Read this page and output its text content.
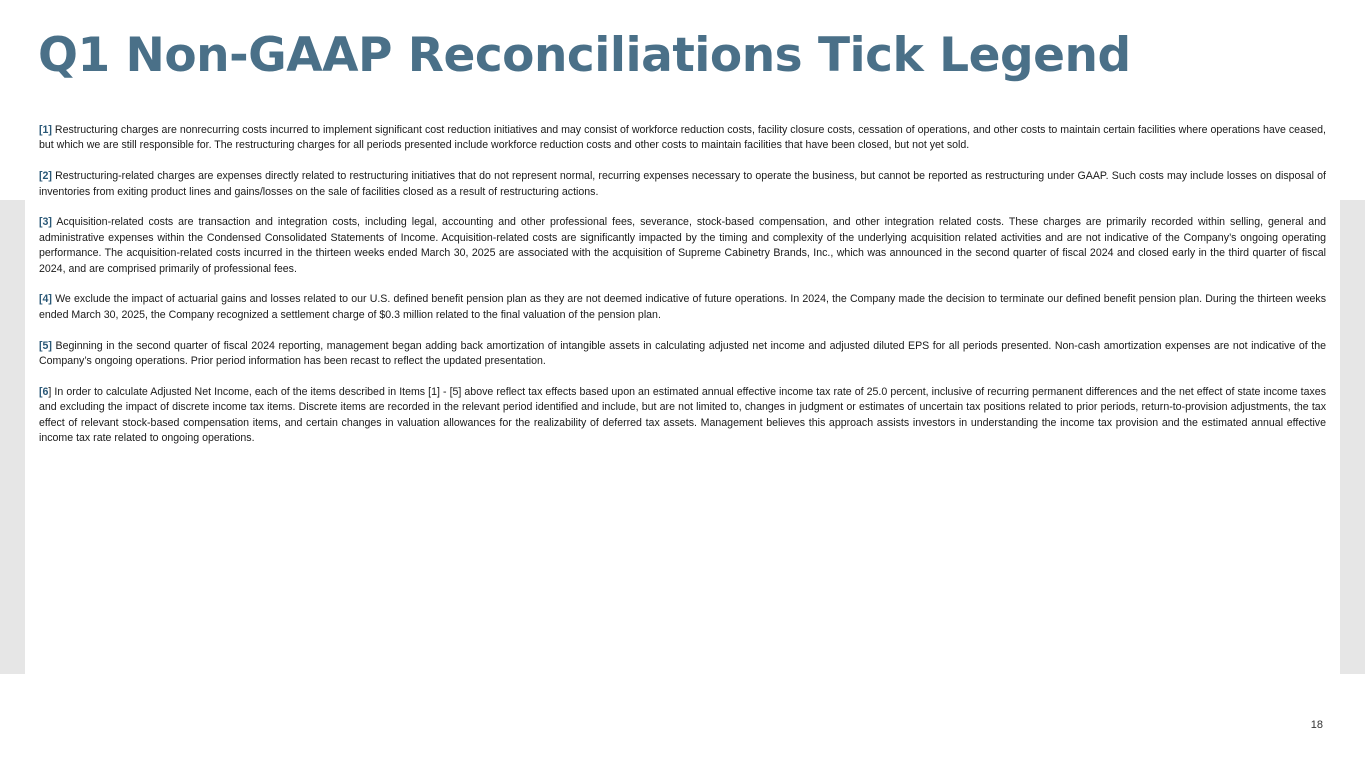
Q1 Non-GAAP Reconciliations Tick Legend

[1] Restructuring charges are nonrecurring costs incurred to implement significant cost reduction initiatives and may consist of workforce reduction costs, facility closure costs, cessation of operations, and other costs to maintain certain facilities where operations have ceased, but which we are still responsible for. The restructuring charges for all periods presented include workforce reduction costs and other costs to maintain facilities that have been closed, but not yet sold.

[2] Restructuring-related charges are expenses directly related to restructuring initiatives that do not represent normal, recurring expenses necessary to operate the business, but cannot be reported as restructuring under GAAP. Such costs may include losses on disposal of inventories from exiting product lines and gains/losses on the sale of facilities closed as a result of restructuring actions.

[3] Acquisition-related costs are transaction and integration costs, including legal, accounting and other professional fees, severance, stock-based compensation, and other integration related costs. These charges are primarily recorded within selling, general and administrative expenses within the Condensed Consolidated Statements of Income. Acquisition-related costs are significantly impacted by the timing and complexity of the underlying acquisition related activities and are not indicative of the Company’s ongoing operating performance. The acquisition-related costs incurred in the thirteen weeks ended March 30, 2025 are associated with the acquisition of Supreme Cabinetry Brands, Inc., which was announced in the second quarter of fiscal 2024 and closed early in the third quarter of fiscal 2024, and are comprised primarily of professional fees.

[4] We exclude the impact of actuarial gains and losses related to our U.S. defined benefit pension plan as they are not deemed indicative of future operations. In 2024, the Company made the decision to terminate our defined benefit pension plan. During the thirteen weeks ended March 30, 2025, the Company recognized a settlement charge of $0.3 million related to the final valuation of the pension plan.

[5] Beginning in the second quarter of fiscal 2024 reporting, management began adding back amortization of intangible assets in calculating adjusted net income and adjusted diluted EPS for all periods presented. Non-cash amortization expenses are not indicative of the Company’s ongoing operations. Prior period information has been recast to reflect the updated presentation.

[6] In order to calculate Adjusted Net Income, each of the items described in Items [1] - [5] above reflect tax effects based upon an estimated annual effective income tax rate of 25.0 percent, inclusive of recurring permanent differences and the net effect of state income taxes and excluding the impact of discrete income tax items. Discrete items are recorded in the relevant period identified and include, but are not limited to, changes in judgment or estimates of uncertain tax positions related to prior periods, return-to-provision adjustments, the tax effect of relevant stock-based compensation items, and certain changes in valuation allowances for the realizability of deferred tax assets. Management believes this approach assists investors in understanding the income tax provision and the estimated annual effective income tax rate related to ongoing operations.

18
